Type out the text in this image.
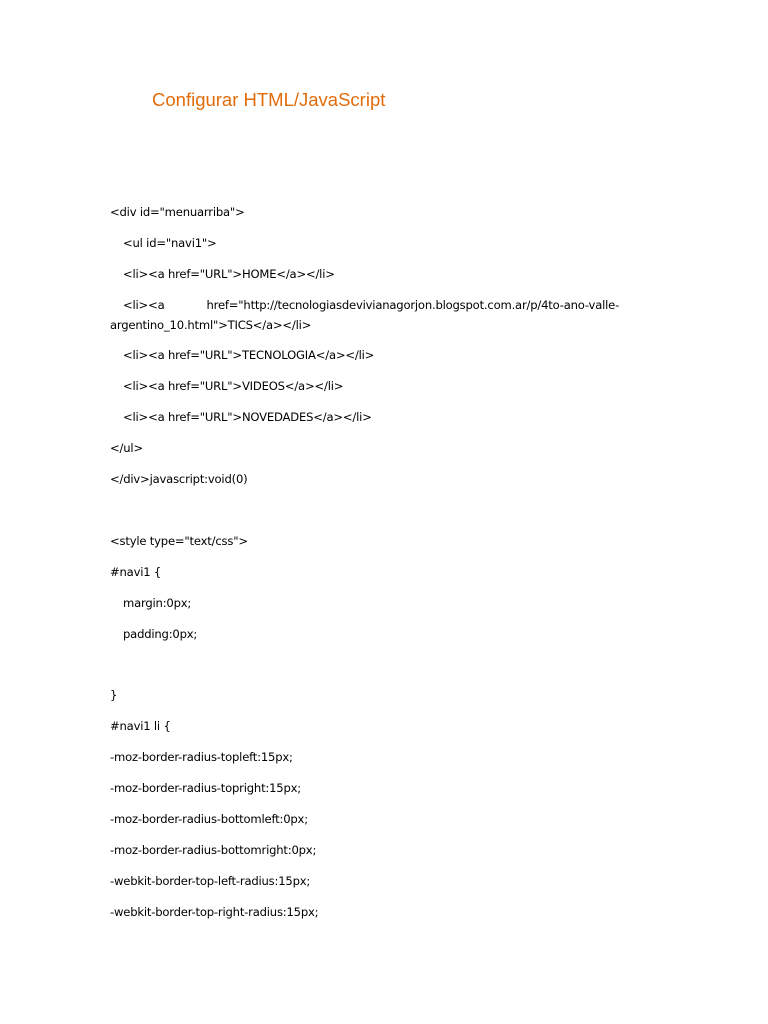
Configurar HTML/JavaScript
<div id="menuarriba">
<ul id="navi1">
<li><a href="URL">HOME</a></li>
<li><a	href="http://tecnologiasdevivianagorjon.blogspot.com.ar/p/4to-ano-valle-
argentino_10.html">TICS</a></li>
<li><a href="URL">TECNOLOGIA</a></li>
<li><a href="URL">VIDEOS</a></li>
<li><a href="URL">NOVEDADES</a></li>
</ul>
</div>javascript:void(0)
<style type="text/css">
#navi1 {
margin:0px;
padding:0px;
}
#navi1 li {
-moz-border-radius-topleft:15px;
-moz-border-radius-topright:15px;
-moz-border-radius-bottomleft:0px;
-moz-border-radius-bottomright:0px;
-webkit-border-top-left-radius:15px;
-webkit-border-top-right-radius:15px;
